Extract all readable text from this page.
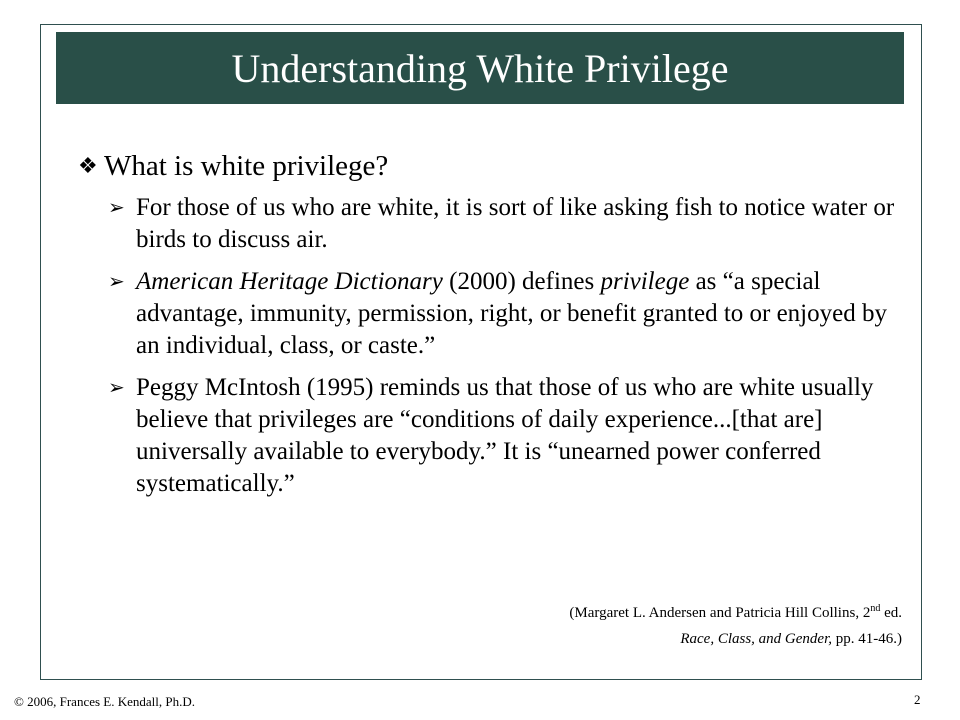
Understanding White Privilege
❖ What is white privilege?
➢ For those of us who are white, it is sort of like asking fish to notice water or birds to discuss air.
➢ American Heritage Dictionary (2000) defines privilege as “a special advantage, immunity, permission, right, or benefit granted to or enjoyed by an individual, class, or caste.”
➢ Peggy McIntosh (1995) reminds us that those of us who are white usually believe that privileges are “conditions of daily experience...[that are] universally available to everybody.” It is “unearned power conferred systematically.”
(Margaret L. Andersen and Patricia Hill Collins, 2nd ed.
Race, Class, and Gender, pp. 41-46.)
© 2006, Frances E. Kendall, Ph.D.	2
